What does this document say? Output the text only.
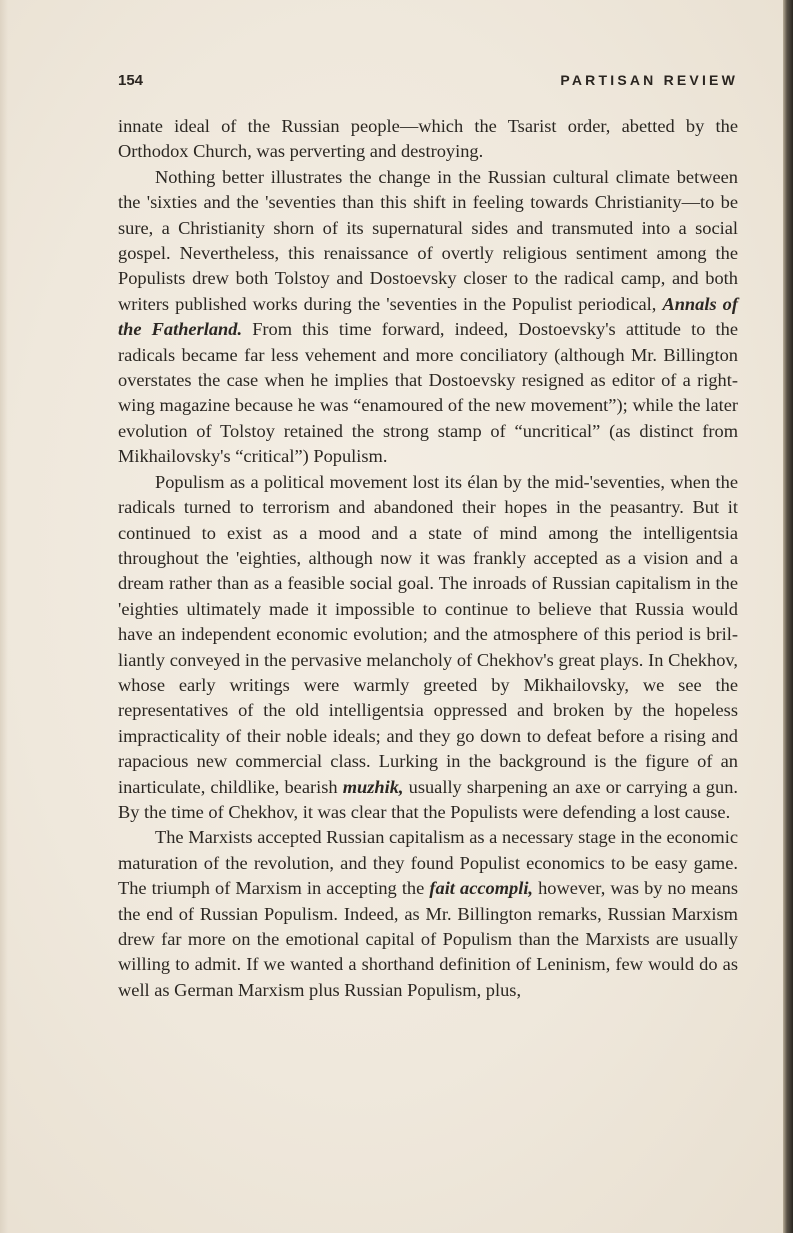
154	PARTISAN REVIEW

innate ideal of the Russian people—which the Tsarist order, abetted by the Orthodox Church, was perverting and destroying.

Nothing better illustrates the change in the Russian cultural climate between the 'sixties and the 'seventies than this shift in feeling towards Christianity—to be sure, a Christianity shorn of its supernatural sides and transmuted into a social gospel. Nevertheless, this renaissance of overtly religious sentiment among the Populists drew both Tolstoy and Dostoevsky closer to the radical camp, and both writers published works during the 'seventies in the Populist periodical, Annals of the Fatherland. From this time forward, indeed, Dostoevsky's attitude to the radicals became far less vehement and more conciliatory (although Mr. Billington overstates the case when he implies that Dostoevsky resigned as editor of a right-wing magazine because he was “enamoured of the new movement”); while the later evolution of Tolstoy retained the strong stamp of “uncritical” (as distinct from Mikhailovsky's “critical”) Populism.

Populism as a political movement lost its élan by the mid-'seventies, when the radicals turned to terrorism and abandoned their hopes in the peasantry. But it continued to exist as a mood and a state of mind among the intelligentsia throughout the 'eighties, although now it was frankly accepted as a vision and a dream rather than as a feasible social goal. The inroads of Russian capitalism in the 'eighties ultimately made it impossible to continue to believe that Russia would have an independent economic evolution; and the atmosphere of this period is brilliantly conveyed in the pervasive melancholy of Chekhov's great plays. In Chekhov, whose early writings were warmly greeted by Mikhailovsky, we see the representatives of the old intelligentsia oppressed and broken by the hopeless impracticality of their noble ideals; and they go down to defeat before a rising and rapacious new commercial class. Lurking in the background is the figure of an inarticulate, childlike, bearish muzhik, usually sharpening an axe or carrying a gun. By the time of Chekhov, it was clear that the Populists were defending a lost cause.

The Marxists accepted Russian capitalism as a necessary stage in the economic maturation of the revolution, and they found Populist economics to be easy game. The triumph of Marxism in accepting the fait accompli, however, was by no means the end of Russian Populism. Indeed, as Mr. Billington remarks, Russian Marxism drew far more on the emotional capital of Populism than the Marxists are usually willing to admit. If we wanted a shorthand definition of Leninism, few would do as well as German Marxism plus Russian Populism, plus,
